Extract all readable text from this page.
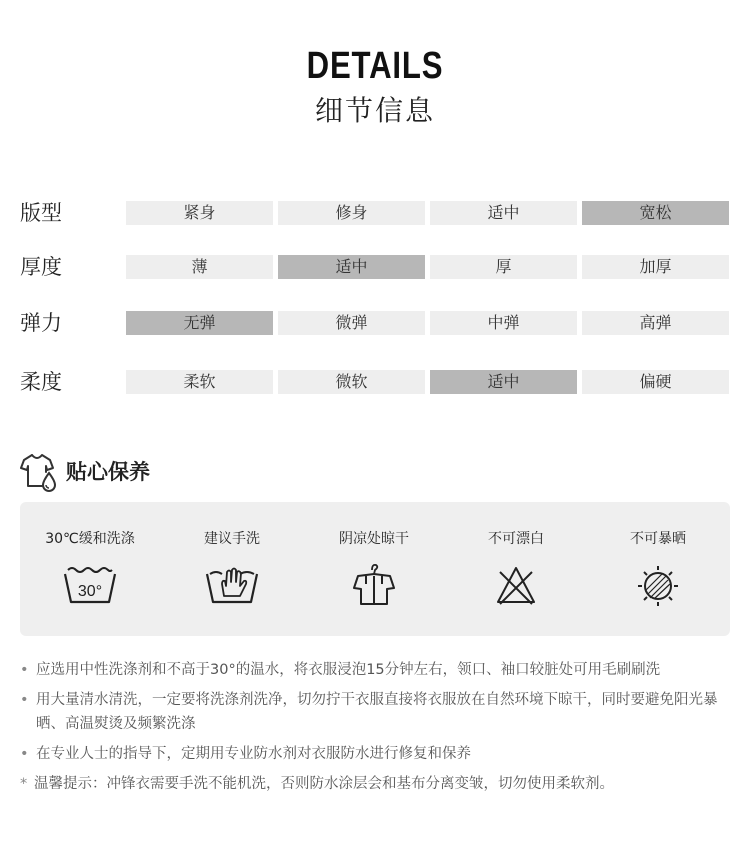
DETAILS
细节信息
版型	紧身	修身	适中	宽松
厚度	薄	适中	厚	加厚
弹力	无弹	微弹	中弹	高弹
柔度	柔软	微软	适中	偏硬
贴心保养
30℃缓和洗涤
30°
建议手洗	阴凉处晾干	不可漂白	不可暴晒
• 应选用中性洗涤剂和不高于30°的温水，将衣服浸泡15分钟左右，领口、袖口较脏处可用毛刷刷洗
• 用大量清水清洗，一定要将洗涤剂洗净，切勿拧干衣服直接将衣服放在自然环境下晾干，同时要避免阳光暴晒、高温熨烫及频繁洗涤
• 在专业人士的指导下，定期用专业防水剂对衣服防水进行修复和保养
* 温馨提示：冲锋衣需要手洗不能机洗，否则防水涂层会和基布分离变皱，切勿使用柔软剂。
